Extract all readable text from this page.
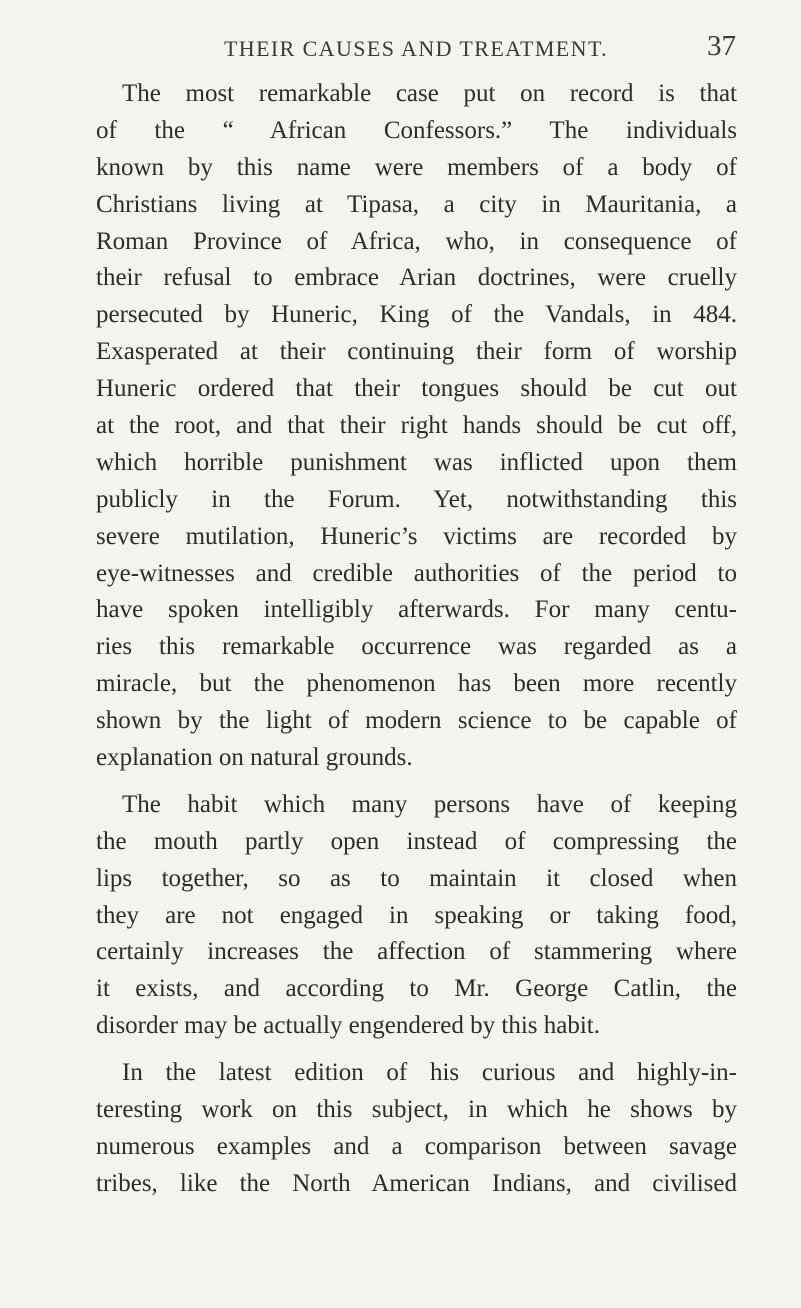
THEIR CAUSES AND TREATMENT.	37

The most remarkable case put on record is that
of the “ African Confessors.” The individuals
known by this name were members of a body of
Christians living at Tipasa, a city in Mauritania, a
Roman Province of Africa, who, in consequence of
their refusal to embrace Arian doctrines, were cruelly
persecuted by Huneric, King of the Vandals, in 484.
Exasperated at their continuing their form of worship
Huneric ordered that their tongues should be cut out
at the root, and that their right hands should be cut off,
which horrible punishment was inflicted upon them
publicly in the Forum. Yet, notwithstanding this
severe mutilation, Huneric’s victims are recorded by
eye-witnesses and credible authorities of the period to
have spoken intelligibly afterwards. For many centu-
ries this remarkable occurrence was regarded as a
miracle, but the phenomenon has been more recently
shown by the light of modern science to be capable of
explanation on natural grounds.

The habit which many persons have of keeping
the mouth partly open instead of compressing the
lips together, so as to maintain it closed when
they are not engaged in speaking or taking food,
certainly increases the affection of stammering where
it exists, and according to Mr. George Catlin, the
disorder may be actually engendered by this habit.

In the latest edition of his curious and highly-in-
teresting work on this subject, in which he shows by
numerous examples and a comparison between savage
tribes, like the North American Indians, and civilised
